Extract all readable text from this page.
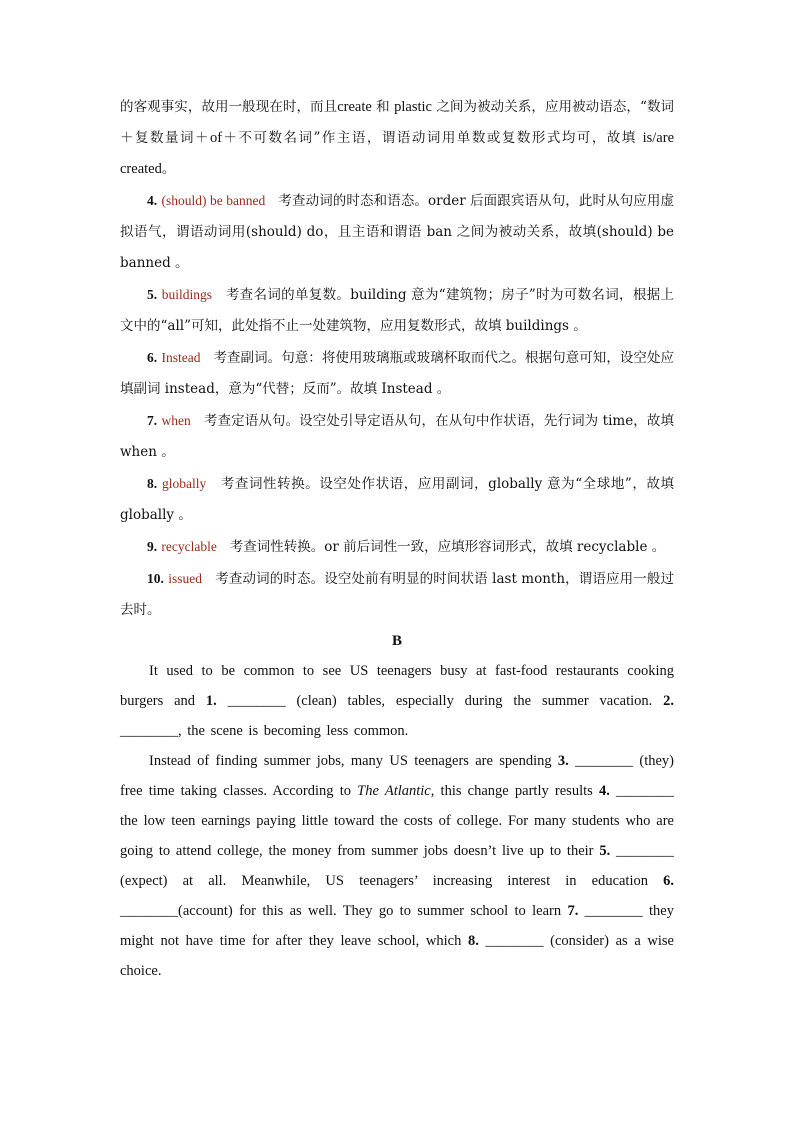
的客观事实，故用一般现在时，而且create 和 plastic 之间为被动关系，应用被动语态，“数词＋复数量词＋of＋不可数名词”作主语，谓语动词用单数或复数形式均可，故填 is/are created。

4. (should) be banned 考查动词的时态和语态。order 后面跟宾语从句，此时从句应用虚拟语气，谓语动词用(should) do，且主语和谓语 ban 之间为被动关系，故填(should) be banned 。

5. buildings 考查名词的单复数。building 意为“建筑物；房子”时为可数名词，根据上文中的“all”可知，此处指不止一处建筑物，应用复数形式，故填 buildings 。

6. Instead 考查副词。句意：将使用玻璃瓶或玻璃杯取而代之。根据句意可知，设空处应填副词 instead，意为“代替；反而”。故填 Instead 。

7. when 考查定语从句。设空处引导定语从句，在从句中作状语，先行词为 time，故填 when 。

8. globally 考查词性转换。设空处作状语，应用副词，globally 意为“全球地”，故填 globally 。

9. recyclable 考查词性转换。or 前后词性一致，应填形容词形式，故填 recyclable 。

10. issued 考查动词的时态。设空处前有明显的时间状语 last month，谓语应用一般过去时。

B

It used to be common to see US teenagers busy at fast-food restaurants cooking burgers and 1. ________ (clean) tables, especially during the summer vacation. 2. ________, the scene is becoming less common.

Instead of finding summer jobs, many US teenagers are spending 3. ________ (they) free time taking classes. According to The Atlantic, this change partly results 4. ________ the low teen earnings paying little toward the costs of college. For many students who are going to attend college, the money from summer jobs doesn’t live up to their 5. ________ (expect) at all. Meanwhile, US teenagers’ increasing interest in education 6. ________(account) for this as well. They go to summer school to learn 7. ________ they might not have time for after they leave school, which 8. ________ (consider) as a wise choice.
